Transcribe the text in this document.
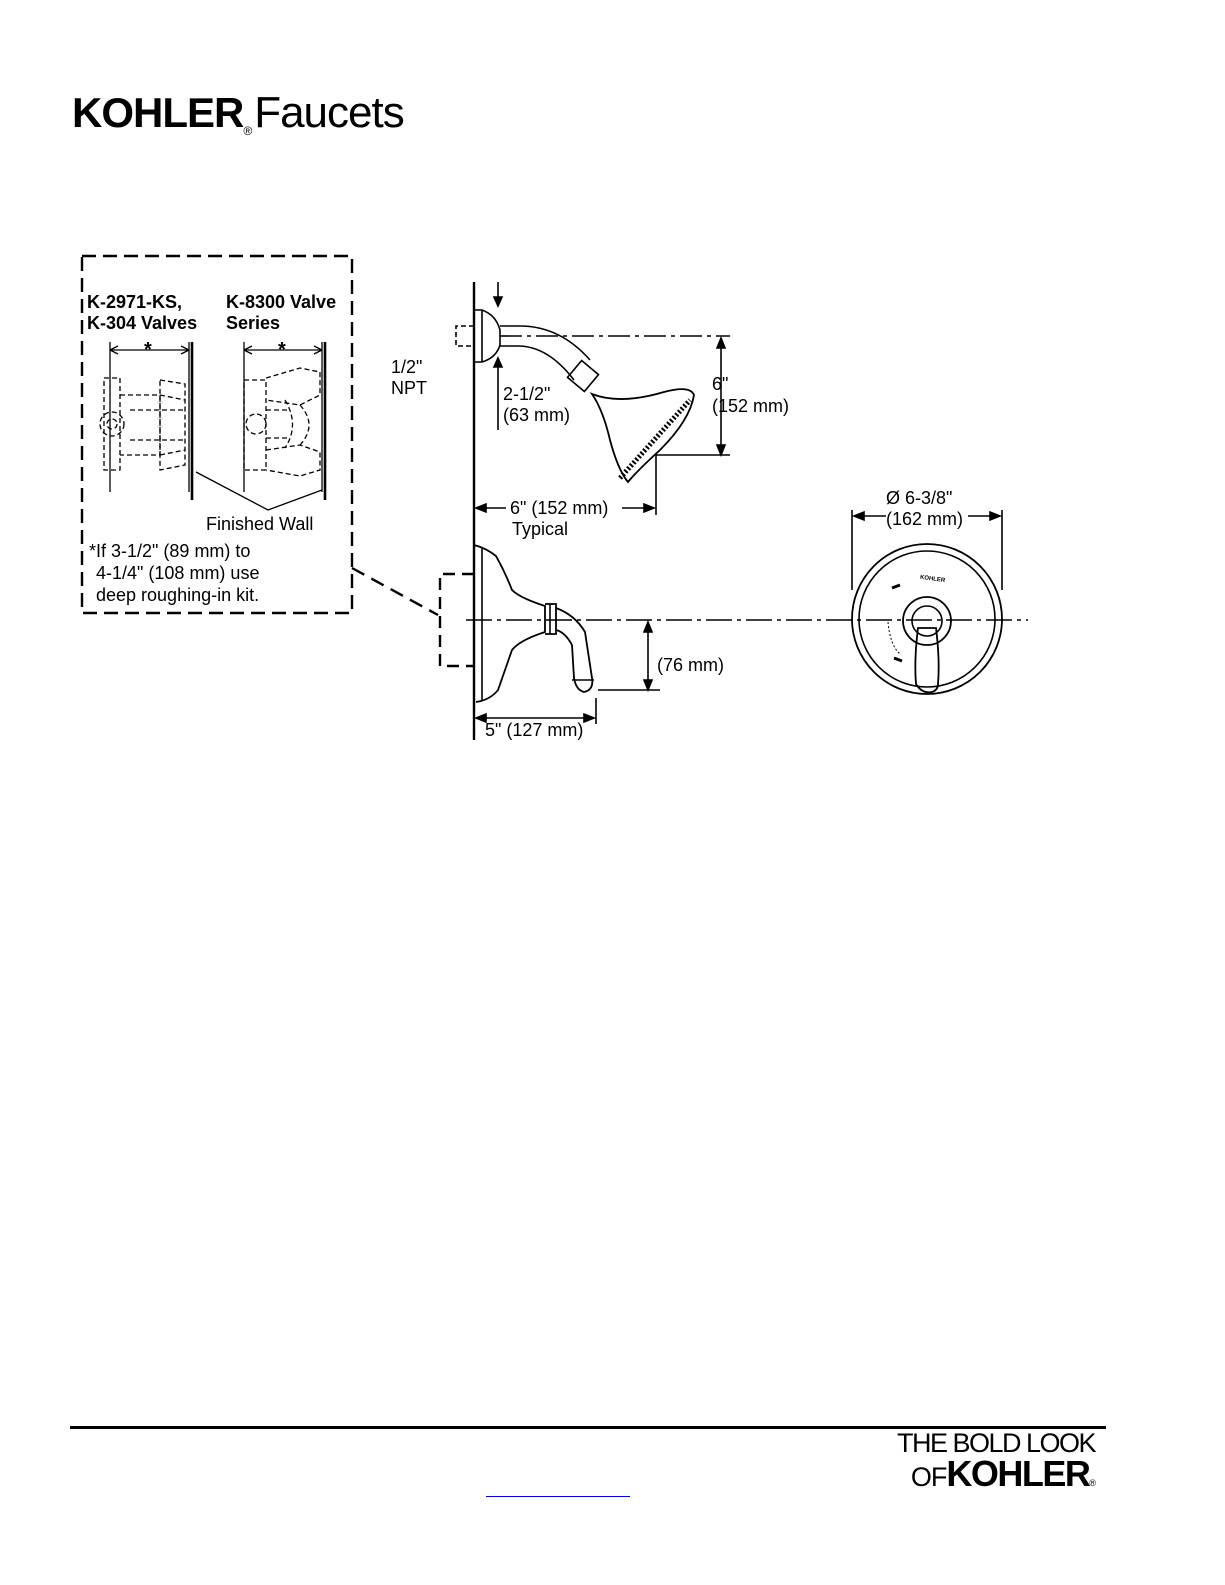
KOHLER®Faucets
KOHLER
K-2971-KS,
K-304 Valves
K-8300 Valve
Series
*	*
Finished Wall
*If 3-1/2" (89 mm) to
4-1/4" (108 mm) use
deep roughing-in kit.
1/2"
NPT	2-1/2"
(63 mm)
6"
(152 mm)
6" (152 mm)
Typical
(76 mm)
5" (127 mm)
Ø 6-3/8"
(162 mm)
THE BOLD LOOK
OFKOHLER®
